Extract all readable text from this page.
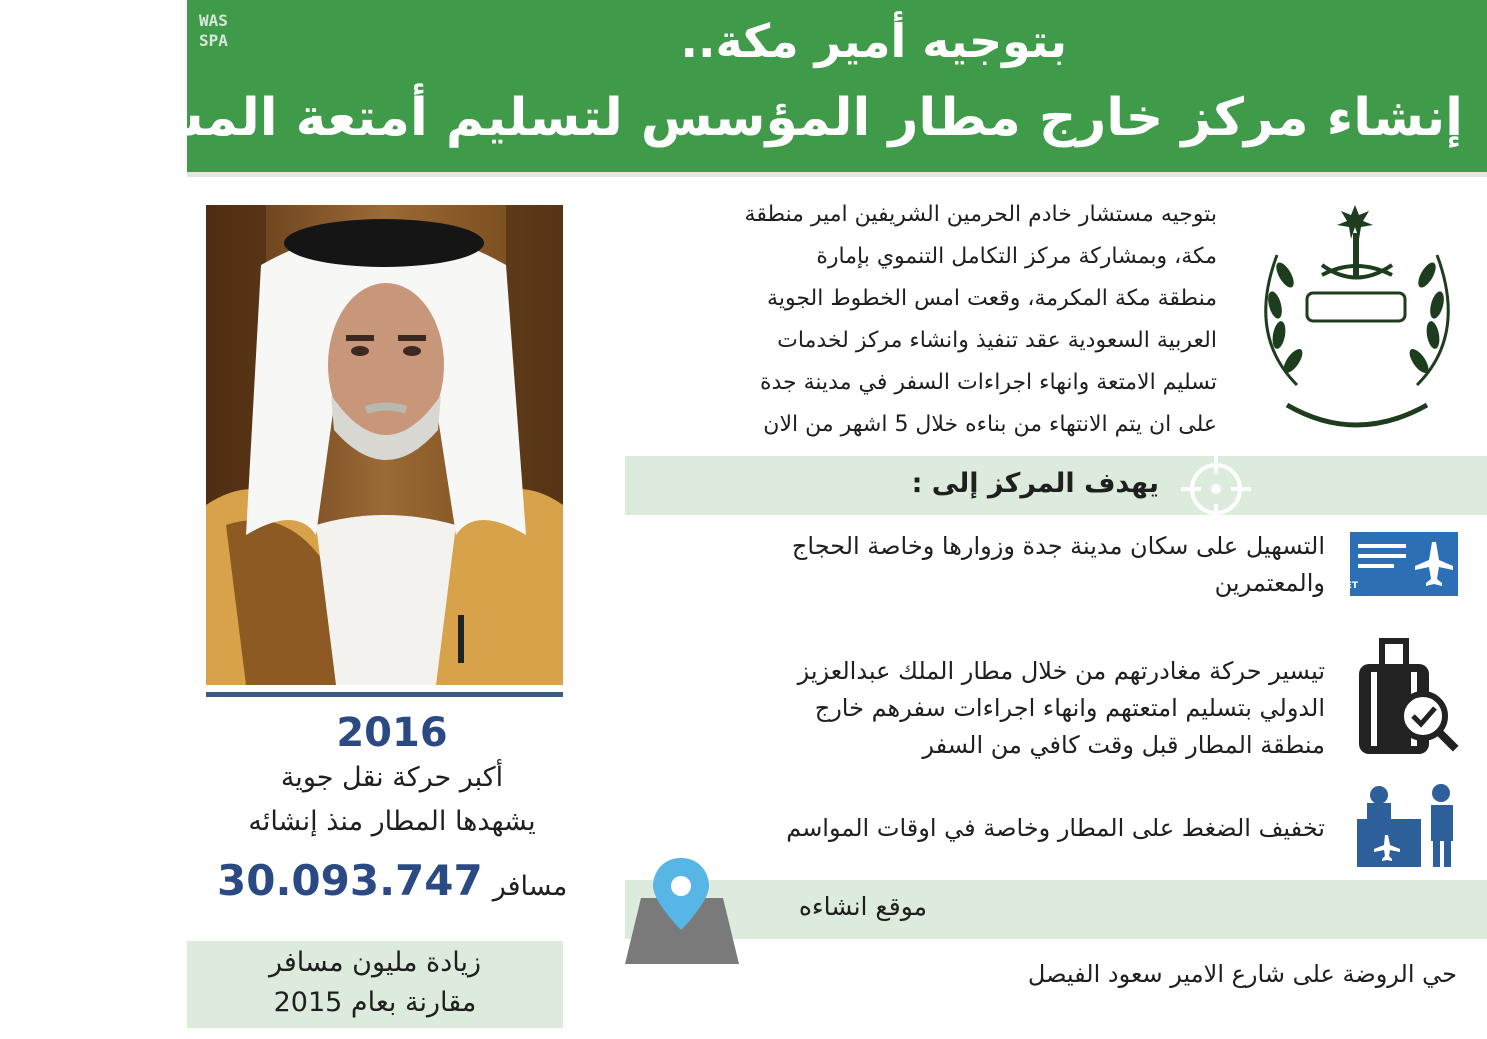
WAS
SPA	بتوجيه أمير مكة..
إنشاء مركز خارج مطار المؤسس لتسليم أمتعة المسافرين
2016
أكبر حركة نقل جوية
يشهدها المطار منذ إنشائه
30.093.747 مسافر
زيادة مليون مسافر
مقارنة بعام 2015
بتوجيه مستشار خادم الحرمين الشريفين امير منطقة
مكة، وبمشاركة مركز التكامل التنموي بإمارة
منطقة مكة المكرمة، وقعت امس الخطوط الجوية
العربية السعودية عقد تنفيذ وانشاء مركز لخدمات
تسليم الامتعة وانهاء اجراءات السفر في مدينة جدة
على ان يتم الانتهاء من بناءه خلال 5 اشهر من الان
يهدف المركز إلى :
TICKET
التسهيل على سكان مدينة جدة وزوارها وخاصة الحجاج
والمعتمرين
تيسير حركة مغادرتهم من خلال مطار الملك عبدالعزيز
الدولي بتسليم امتعتهم وانهاء اجراءات سفرهم خارج
منطقة المطار قبل وقت كافي من السفر
تخفيف الضغط على المطار وخاصة في اوقات المواسم
موقع انشاءه
حي الروضة على شارع الامير سعود الفيصل
